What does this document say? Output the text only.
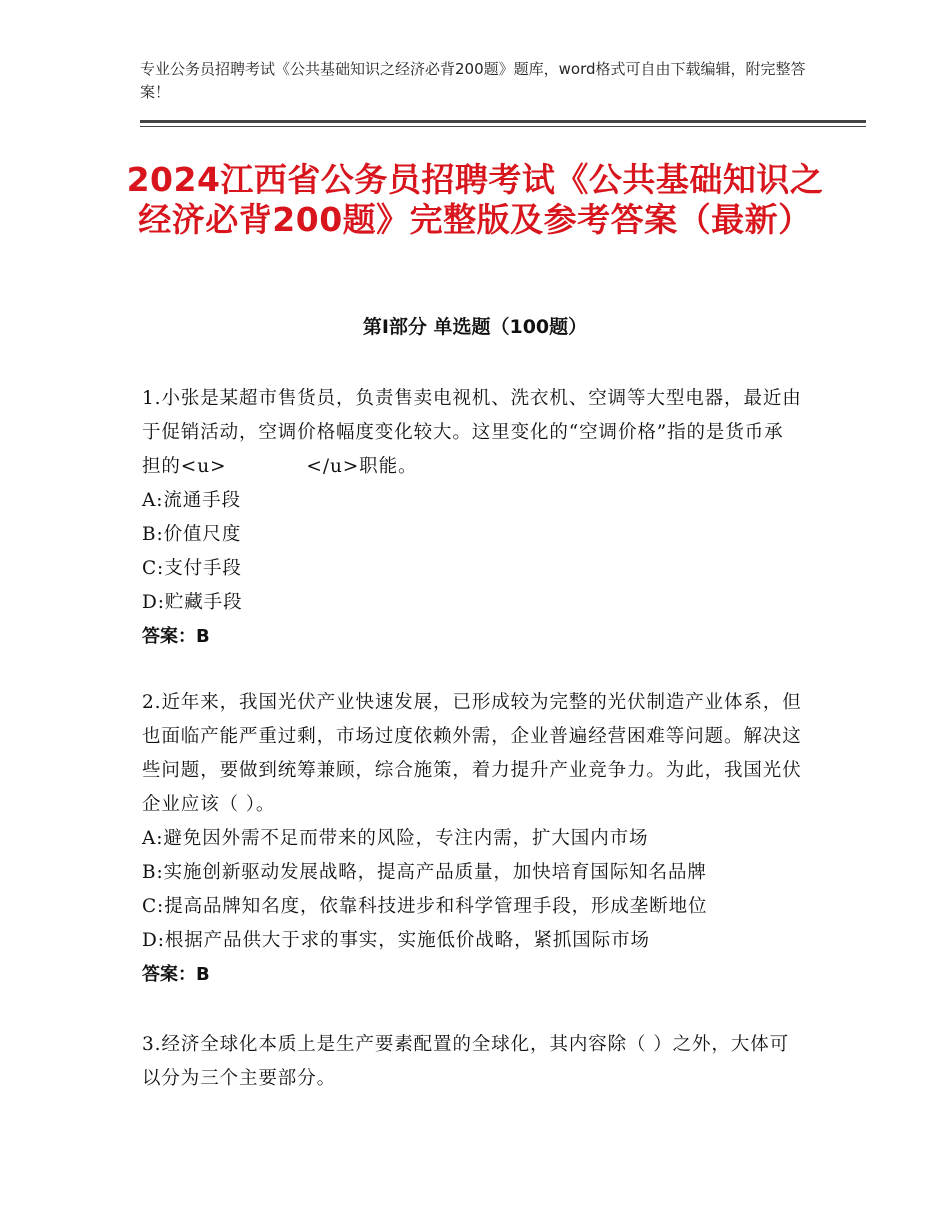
专业公务员招聘考试《公共基础知识之经济必背200题》题库，word格式可自由下载编辑，附完整答案！
2024江西省公务员招聘考试《公共基础知识之经济必背200题》完整版及参考答案（最新）
第Ⅰ部分 单选题（100题）
1.小张是某超市售货员，负责售卖电视机、洗衣机、空调等大型电器，最近由于促销活动，空调价格幅度变化较大。这里变化的“空调价格”指的是货币承担的<u>	</u>职能。
A:流通手段
B:价值尺度
C:支付手段
D:贮藏手段
答案：B
2.近年来，我国光伏产业快速发展，已形成较为完整的光伏制造产业体系，但也面临产能严重过剩，市场过度依赖外需，企业普遍经营困难等问题。解决这些问题，要做到统筹兼顾，综合施策，着力提升产业竞争力。为此，我国光伏企业应该（ ）。
A:避免因外需不足而带来的风险，专注内需，扩大国内市场
B:实施创新驱动发展战略，提高产品质量，加快培育国际知名品牌
C:提高品牌知名度，依靠科技进步和科学管理手段，形成垄断地位
D:根据产品供大于求的事实，实施低价战略，紧抓国际市场
答案：B
3.经济全球化本质上是生产要素配置的全球化，其内容除（ ）之外，大体可以分为三个主要部分。
